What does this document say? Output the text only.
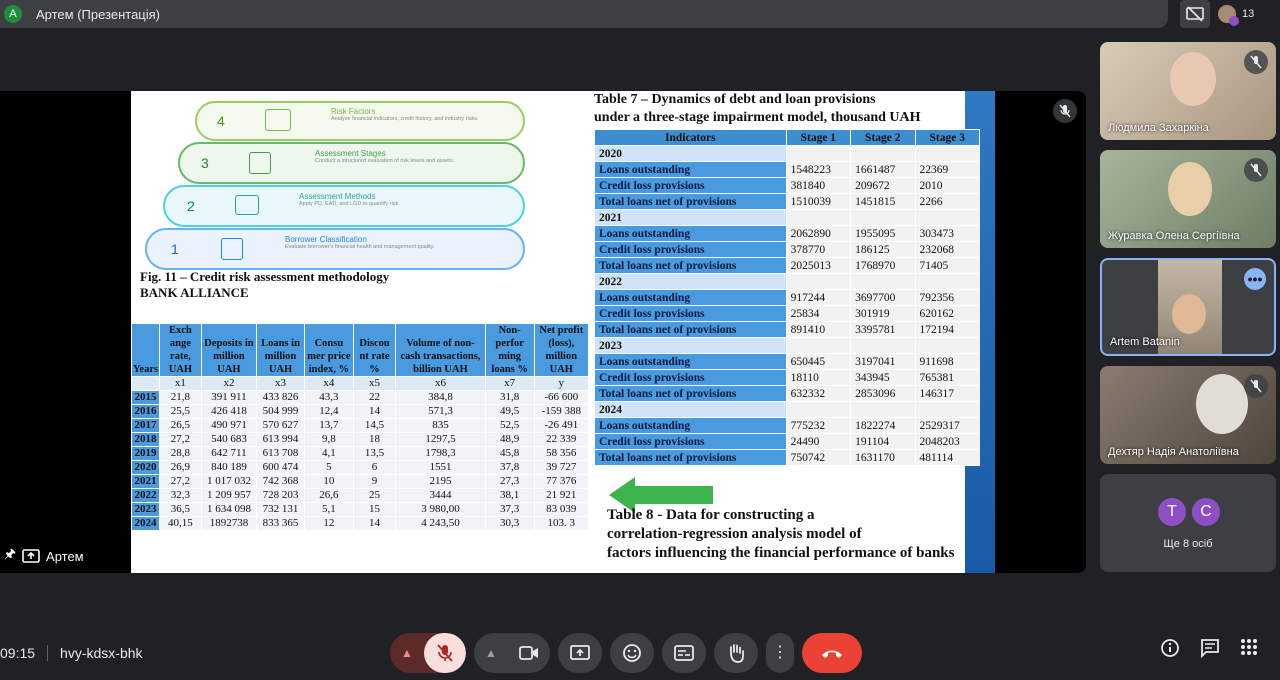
A	Артем (Презентація)	13
4
3
2
1
Risk Factors
Analyze financial indicators, credit history, and industry risks.
Assessment Stages
Conduct a structured evaluation of risk levels and assets.
Assessment Methods
Apply PD, EAD, and LGD to quantify risk.
Borrower Classification
Evaluate borrower's financial health and management quality.
Fig. 11 – Credit risk assessment methodology
BANK ALLIANCE
Years	Exch ange rate, UAH	Deposits in million UAH	Loans in million UAH	Consu mer price index, %	Discou nt rate %	Volume of non-cash transactions, billion UAH	Non- perfor ming loans %	Net profit (loss), million UAH
	x1	x2	x3	x4	x5	x6	x7	y
2015	21,8	391 911	433 826	43,3	22	384,8	31,8	-66 600
2016	25,5	426 418	504 999	12,4	14	571,3	49,5	-159 388
2017	26,5	490 971	570 627	13,7	14,5	835	52,5	-26 491
2018	27,2	540 683	613 994	9,8	18	1297,5	48,9	22 339
2019	28,8	642 711	613 708	4,1	13,5	1798,3	45,8	58 356
2020	26,9	840 189	600 474	5	6	1551	37,8	39 727
2021	27,2	1 017 032	742 368	10	9	2195	27,3	77 376
2022	32,3	1 209 957	728 203	26,6	25	3444	38,1	21 921
2023	36,5	1 634 098	732 131	5,1	15	3 980,00	37,3	83 039
2024	40,15	1892738	833 365	12	14	4 243,50	30,3	103. 3
Table 7 – Dynamics of debt and loan provisions
under a three-stage impairment model, thousand UAH
Indicators	Stage 1	Stage 2	Stage 3
2020			
Loans outstanding	1548223	1661487	22369
Credit loss provisions	381840	209672	2010
Total loans net of provisions	1510039	1451815	2266
2021			
Loans outstanding	2062890	1955095	303473
Credit loss provisions	378770	186125	232068
Total loans net of provisions	2025013	1768970	71405
2022			
Loans outstanding	917244	3697700	792356
Credit loss provisions	25834	301919	620162
Total loans net of provisions	891410	3395781	172194
2023			
Loans outstanding	650445	3197041	911698
Credit loss provisions	18110	343945	765381
Total loans net of provisions	632332	2853096	146317
2024			
Loans outstanding	775232	1822274	2529317
Credit loss provisions	24490	191104	2048203
Total loans net of provisions	750742	1631170	481114
Table 8 - Data for constructing a
correlation-regression analysis model of
factors influencing the financial performance of banks
🖈 Артем
Людмила Захаркіна
Журавка Олена Сергіївна
•••
Artem Batanin
Дехтяр Надія Анатоліївна
T	C
Ще 8 осіб
09:15 hvy-kdsx-bhk	▲	▲	⋮
